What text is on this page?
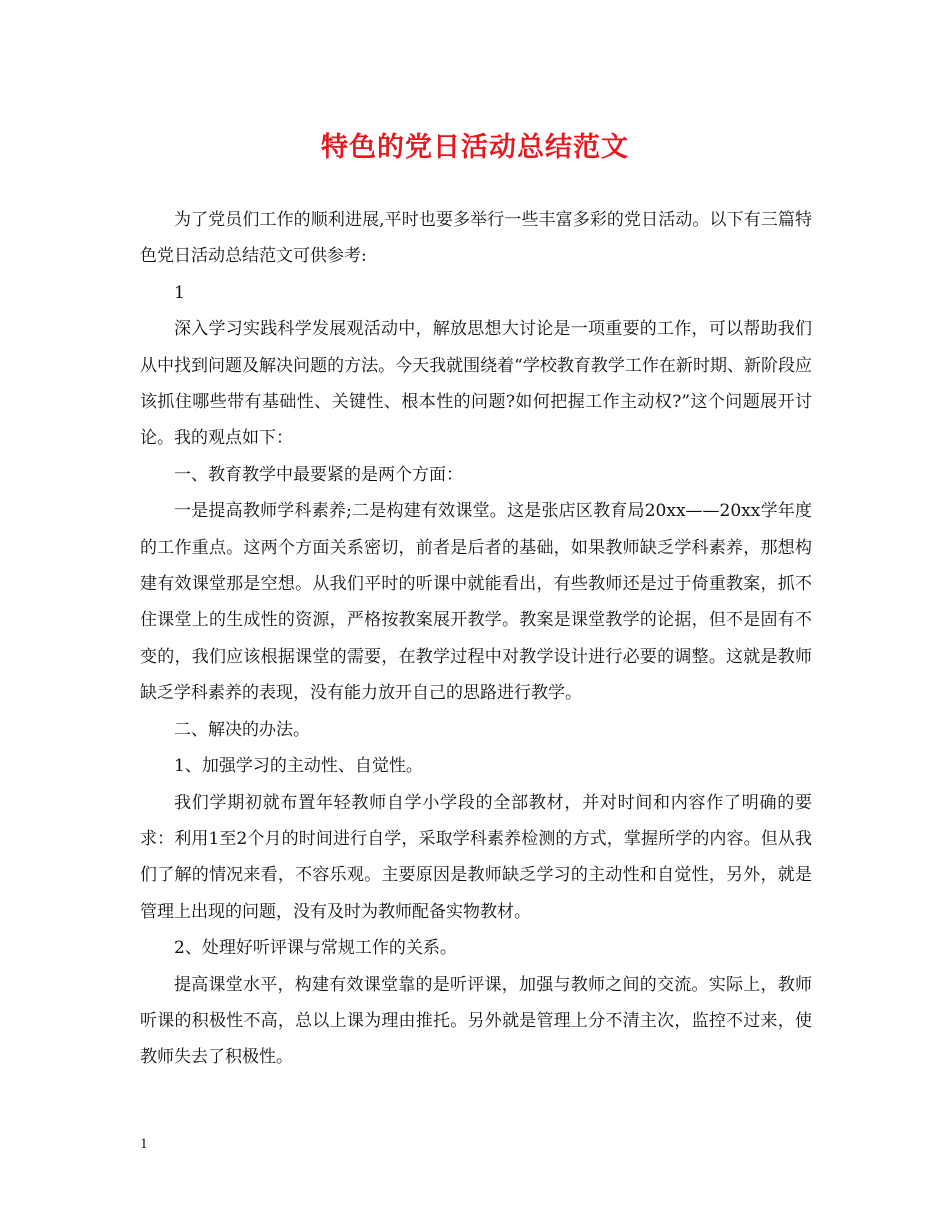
特色的党日活动总结范文

为了党员们工作的顺利进展,平时也要多举行一些丰富多彩的党日活动。以下有三篇特色党日活动总结范文可供参考:

1

深入学习实践科学发展观活动中，解放思想大讨论是一项重要的工作，可以帮助我们从中找到问题及解决问题的方法。今天我就围绕着“学校教育教学工作在新时期、新阶段应该抓住哪些带有基础性、关键性、根本性的问题?如何把握工作主动权?”这个问题展开讨论。我的观点如下：

一、教育教学中最要紧的是两个方面：

一是提高教师学科素养;二是构建有效课堂。这是张店区教育局20xx——20xx学年度的工作重点。这两个方面关系密切，前者是后者的基础，如果教师缺乏学科素养，那想构建有效课堂那是空想。从我们平时的听课中就能看出，有些教师还是过于倚重教案，抓不住课堂上的生成性的资源，严格按教案展开教学。教案是课堂教学的论据，但不是固有不变的，我们应该根据课堂的需要，在教学过程中对教学设计进行必要的调整。这就是教师缺乏学科素养的表现，没有能力放开自己的思路进行教学。

二、解决的办法。

1、加强学习的主动性、自觉性。

我们学期初就布置年轻教师自学小学段的全部教材，并对时间和内容作了明确的要求：利用1至2个月的时间进行自学，采取学科素养检测的方式，掌握所学的内容。但从我们了解的情况来看，不容乐观。主要原因是教师缺乏学习的主动性和自觉性，另外，就是管理上出现的问题，没有及时为教师配备实物教材。

2、处理好听评课与常规工作的关系。

提高课堂水平，构建有效课堂靠的是听评课，加强与教师之间的交流。实际上，教师听课的积极性不高，总以上课为理由推托。另外就是管理上分不清主次，监控不过来，使教师失去了积极性。

1
